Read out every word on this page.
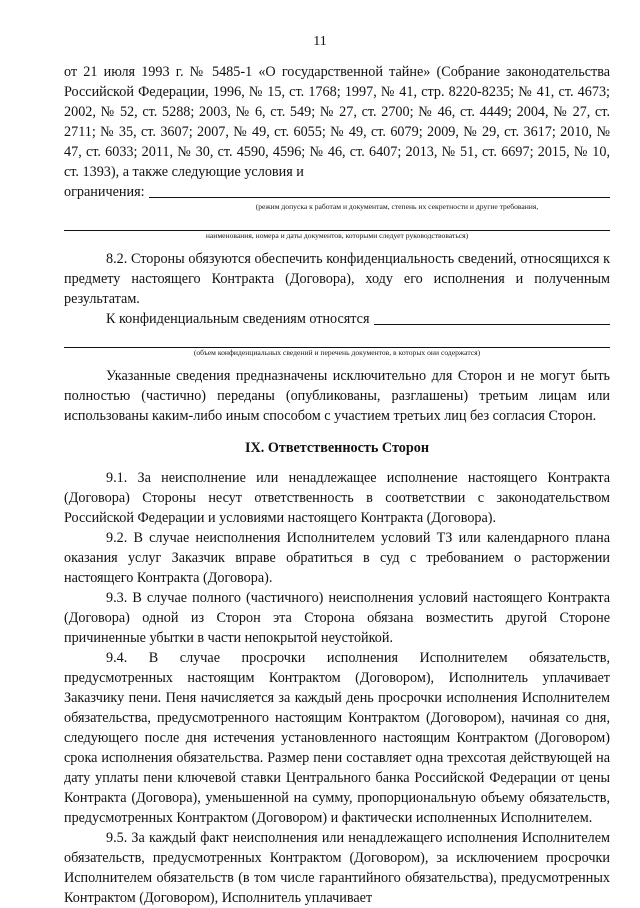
11

от 21 июля 1993 г. № 5485-1 «О государственной тайне» (Собрание законодательства Российской Федерации, 1996, № 15, ст. 1768; 1997, № 41, стр. 8220-8235; № 41, ст. 4673; 2002, № 52, ст. 5288; 2003, № 6, ст. 549; № 27, ст. 2700; № 46, ст. 4449; 2004, № 27, ст. 2711; № 35, ст. 3607; 2007, № 49, ст. 6055; № 49, ст. 6079; 2009, № 29, ст. 3617; 2010, № 47, ст. 6033; 2011, № 30, ст. 4590, 4596; № 46, ст. 6407; 2013, № 51, ст. 6697; 2015, № 10, ст. 1393), а также следующие условия и

ограничения:
(режим допуска к работам и документам, степень их секретности и другие требования,
наименования, номера и даты документов, которыми следует руководствоваться)

8.2. Стороны обязуются обеспечить конфиденциальность сведений, относящихся к предмету настоящего Контракта (Договора), ходу его исполнения и полученным результатам.

К конфиденциальным сведениям относятся
(объем конфиденциальных сведений и перечень документов, в которых они содержатся)

Указанные сведения предназначены исключительно для Сторон и не могут быть полностью (частично) переданы (опубликованы, разглашены) третьим лицам или использованы каким-либо иным способом с участием третьих лиц без согласия Сторон.

IX. Ответственность Сторон

9.1. За неисполнение или ненадлежащее исполнение настоящего Контракта (Договора) Стороны несут ответственность в соответствии с законодательством Российской Федерации и условиями настоящего Контракта (Договора).

9.2. В случае неисполнения Исполнителем условий ТЗ или календарного плана оказания услуг Заказчик вправе обратиться в суд с требованием о расторжении настоящего Контракта (Договора).

9.3. В случае полного (частичного) неисполнения условий настоящего Контракта (Договора) одной из Сторон эта Сторона обязана возместить другой Стороне причиненные убытки в части непокрытой неустойкой.

9.4. В случае просрочки исполнения Исполнителем обязательств, предусмотренных настоящим Контрактом (Договором), Исполнитель уплачивает Заказчику пени. Пеня начисляется за каждый день просрочки исполнения Исполнителем обязательства, предусмотренного настоящим Контрактом (Договором), начиная со дня, следующего после дня истечения установленного настоящим Контрактом (Договором) срока исполнения обязательства. Размер пени составляет одна трехсотая действующей на дату уплаты пени ключевой ставки Центрального банка Российской Федерации от цены Контракта (Договора), уменьшенной на сумму, пропорциональную объему обязательств, предусмотренных Контрактом (Договором) и фактически исполненных Исполнителем.

9.5. За каждый факт неисполнения или ненадлежащего исполнения Исполнителем обязательств, предусмотренных Контрактом (Договором), за исключением просрочки Исполнителем обязательств (в том числе гарантийного обязательства), предусмотренных Контрактом (Договором), Исполнитель уплачивает
